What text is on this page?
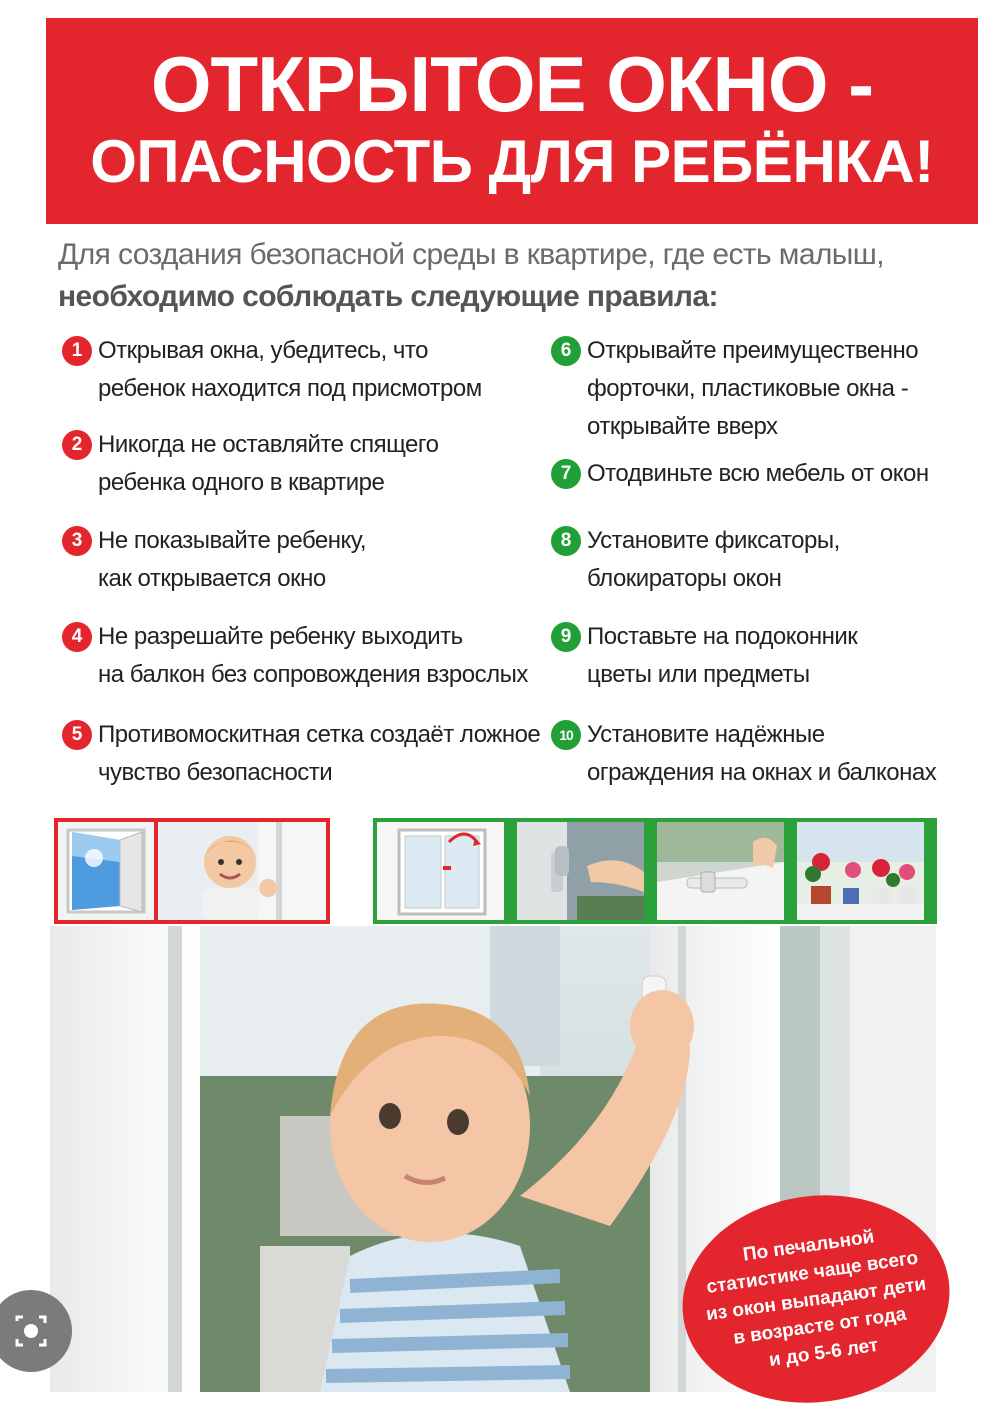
ОТКРЫТОЕ ОКНО -
ОПАСНОСТЬ ДЛЯ РЕБЁНКА!
Для создания безопасной среды в квартире, где есть малыш,
необходимо соблюдать следующие правила:
1 Открывая окна, убедитесь, что
ребенок находится под присмотром
2 Никогда не оставляйте спящего
ребенка одного в квартире
3 Не показывайте ребенку,
как открывается окно
4 Не разрешайте ребенку выходить
на балкон без сопровождения взрослых
5 Противомоскитная сетка создаёт ложное
чувство безопасности
6 Открывайте преимущественно
форточки, пластиковые окна -
открывайте вверх
7 Отодвиньте всю мебель от окон
8 Установите фиксаторы,
блокираторы окон
9 Поставьте на подоконник
цветы или предметы
10 Установите надёжные
ограждения на окнах и балконах
По печальной
статистике чаще всего
из окон выпадают дети
в возрасте от года
и до 5-6 лет
